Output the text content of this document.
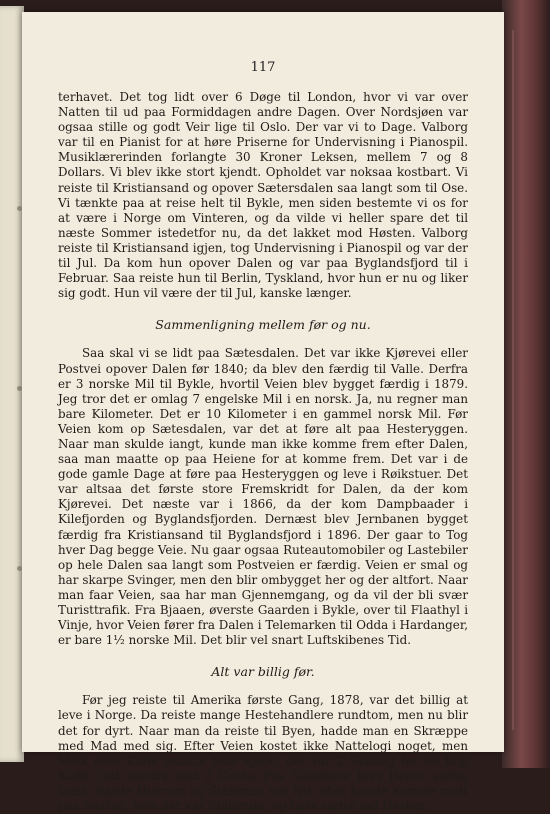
117

terhavet. Det tog lidt over 6 Døge til London, hvor vi var over Natten til ud paa Formiddagen andre Dagen. Over Nordsjøen var ogsaa stille og godt Veir lige til Oslo. Der var vi to Dage. Valborg var til en Pianist for at høre Priserne for Undervisning i Pianospil. Musiklærerinden forlangte 30 Kroner Leksen, mellem 7 og 8 Dollars. Vi blev ikke stort kjendt. Opholdet var noksaa kostbart. Vi reiste til Kristiansand og opover Sætersdalen saa langt som til Ose. Vi tænkte paa at reise helt til Bykle, men siden bestemte vi os for at være i Norge om Vinteren, og da vilde vi heller spare det til næste Sommer istedetfor nu, da det lakket mod Høsten. Valborg reiste til Kristiansand igjen, tog Undervisning i Pianospil og var der til Jul. Da kom hun opover Dalen og var paa Byglandsfjord til i Februar. Saa reiste hun til Berlin, Tyskland, hvor hun er nu og liker sig godt. Hun vil være der til Jul, kanske længer.

Sammenligning mellem før og nu.

Saa skal vi se lidt paa Sætesdalen. Det var ikke Kjørevei eller Postvei opover Dalen før 1840; da blev den færdig til Valle. Derfra er 3 norske Mil til Bykle, hvortil Veien blev bygget færdig i 1879. Jeg tror det er omlag 7 engelske Mil i en norsk. Ja, nu regner man bare Kilometer. Det er 10 Kilometer i en gammel norsk Mil. Før Veien kom op Sætesdalen, var det at føre alt paa Hesteryggen. Naar man skulde iangt, kunde man ikke komme frem efter Dalen, saa man maatte op paa Heiene for at komme frem. Det var i de gode gamle Dage at føre paa Hesteryggen og leve i Røikstuer. Det var altsaa det første store Fremskridt for Dalen, da der kom Kjørevei. Det næste var i 1866, da der kom Dampbaader i Kilefjorden og Byglandsfjorden. Dernæst blev Jernbanen bygget færdig fra Kristiansand til Byglandsfjord i 1896. Der gaar to Tog hver Dag begge Veie. Nu gaar ogsaa Ruteautomobiler og Lastebiler op hele Dalen saa langt som Postveien er færdig. Veien er smal og har skarpe Svinger, men den blir ombygget her og der altfort. Naar man faar Veien, saa har man Gjennemgang, og da vil der bli svær Turisttrafik. Fra Bjaaen, øverste Gaarden i Bykle, over til Flaathyl i Vinje, hvor Veien fører fra Dalen i Telemarken til Odda i Hardanger, er bare 1½ norske Mil. Det blir vel snart Luftskibenes Tid.

Alt var billig før.

Før jeg reiste til Amerika første Gang, 1878, var det billig at leve i Norge. Da reiste mange Hestehandlere rundtom, men nu blir det for dyrt. Naar man da reiste til Byen, hadde man en Skræppe med Mad med sig. Efter Veien kostet ikke Nattelogi noget, men Melk eller Kaffe maatte man kjøbe, det var 2 Skilling for en Kop Kaffe, lidt mindre end 2 Cents. Paa Gaardene blev Døren aldrig laast. Baade Husrum og Staldrum var frit. Man kunde komme midt paa Natten, hvis der var Staldrum, og bare sætte ind Hesten,
